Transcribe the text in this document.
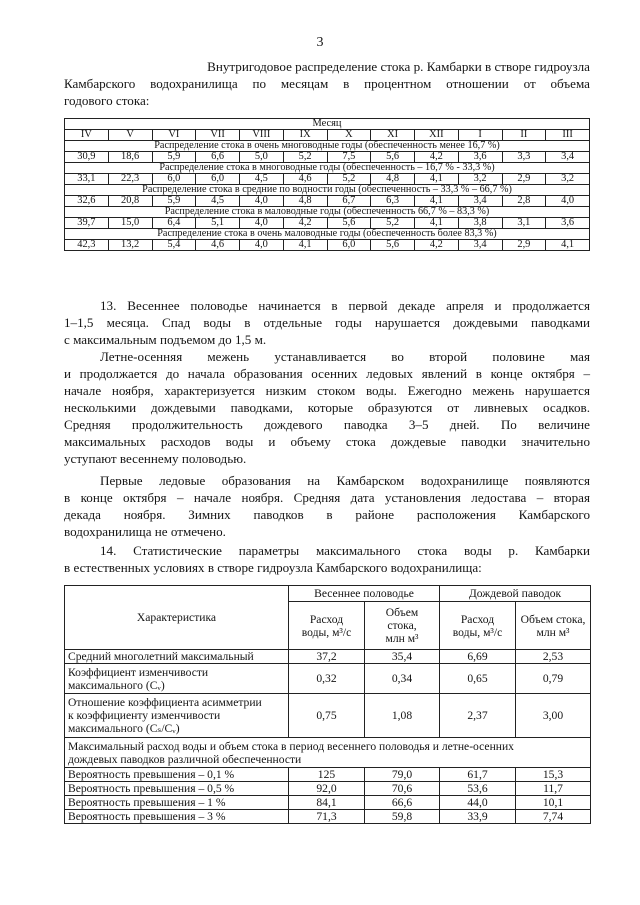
3

Внутригодовое распределение стока р. Камбарки в створе гидроузла
Камбарского водохранилища по месяцам в процентном отношении от объема
годового стока:

Месяц											
IV	V	VI	VII	VIII	IX	X	XI	XII	I	II	III
Распределение стока в очень многоводные годы (обеспеченность менее 16,7 %)											
30,9	18,6	5,9	6,6	5,0	5,2	7,5	5,6	4,2	3,6	3,3	3,4
Распределение стока в многоводные годы (обеспеченность – 16,7 % - 33,3 %)											
33,1	22,3	6,0	6,0	4,5	4,6	5,2	4,8	4,1	3,2	2,9	3,2
Распределение стока в средние по водности годы (обеспеченность – 33,3 % – 66,7 %)											
32,6	20,8	5,9	4,5	4,0	4,8	6,7	6,3	4,1	3,4	2,8	4,0
Распределение стока в маловодные годы (обеспеченность 66,7 % – 83,3 %)											
39,7	15,0	6,4	5,1	4,0	4,2	5,6	5,2	4,1	3,8	3,1	3,6
Распределение стока в очень маловодные годы (обеспеченность более 83,3 %)											
42,3	13,2	5,4	4,6	4,0	4,1	6,0	5,6	4,2	3,4	2,9	4,1

13. Весеннее половодье начинается в первой декаде апреля и продолжается
1–1,5 месяца. Спад воды в отдельные годы нарушается дождевыми паводками
с максимальным подъемом до 1,5 м.

Летне-осенняя межень устанавливается во второй половине мая
и продолжается до начала образования осенних ледовых явлений в конце октября –
начале ноября, характеризуется низким стоком воды. Ежегодно межень нарушается
несколькими дождевыми паводками, которые образуются от ливневых осадков.
Средняя продолжительность дождевого паводка 3–5 дней. По величине
максимальных расходов воды и объему стока дождевые паводки значительно
уступают весеннему половодью.

Первые ледовые образования на Камбарском водохранилище появляются
в конце октября – начале ноября. Средняя дата установления ледостава – вторая
декада ноября. Зимних паводков в районе расположения Камбарского
водохранилища не отмечено.

14. Статистические параметры максимального стока воды р. Камбарки
в естественных условиях в створе гидроузла Камбарского водохранилища:

Характеристика	Весеннее половодье		Дождевой паводок	

	Расход
воды, м³/с	Объем
стока,
млн м³	Расход
воды, м³/с	Объем стока,
млн м³

Средний многолетний максимальный	37,2	35,4	6,69	2,53

Коэффициент изменчивости
максимального (Cᵥ)	0,32	0,34	0,65	0,79

Отношение коэффициента асимметрии
к коэффициенту изменчивости
максимального (Cₛ/Cᵥ)	0,75	1,08	2,37	3,00

Максимальный расход воды и объем стока в период весеннего половодья и летне-осенних
дождевых паводков различной обеспеченности				

Вероятность превышения – 0,1 %	125	79,0	61,7	15,3
Вероятность превышения – 0,5 %	92,0	70,6	53,6	11,7
Вероятность превышения – 1 %	84,1	66,6	44,0	10,1
Вероятность превышения – 3 %	71,3	59,8	33,9	7,74
